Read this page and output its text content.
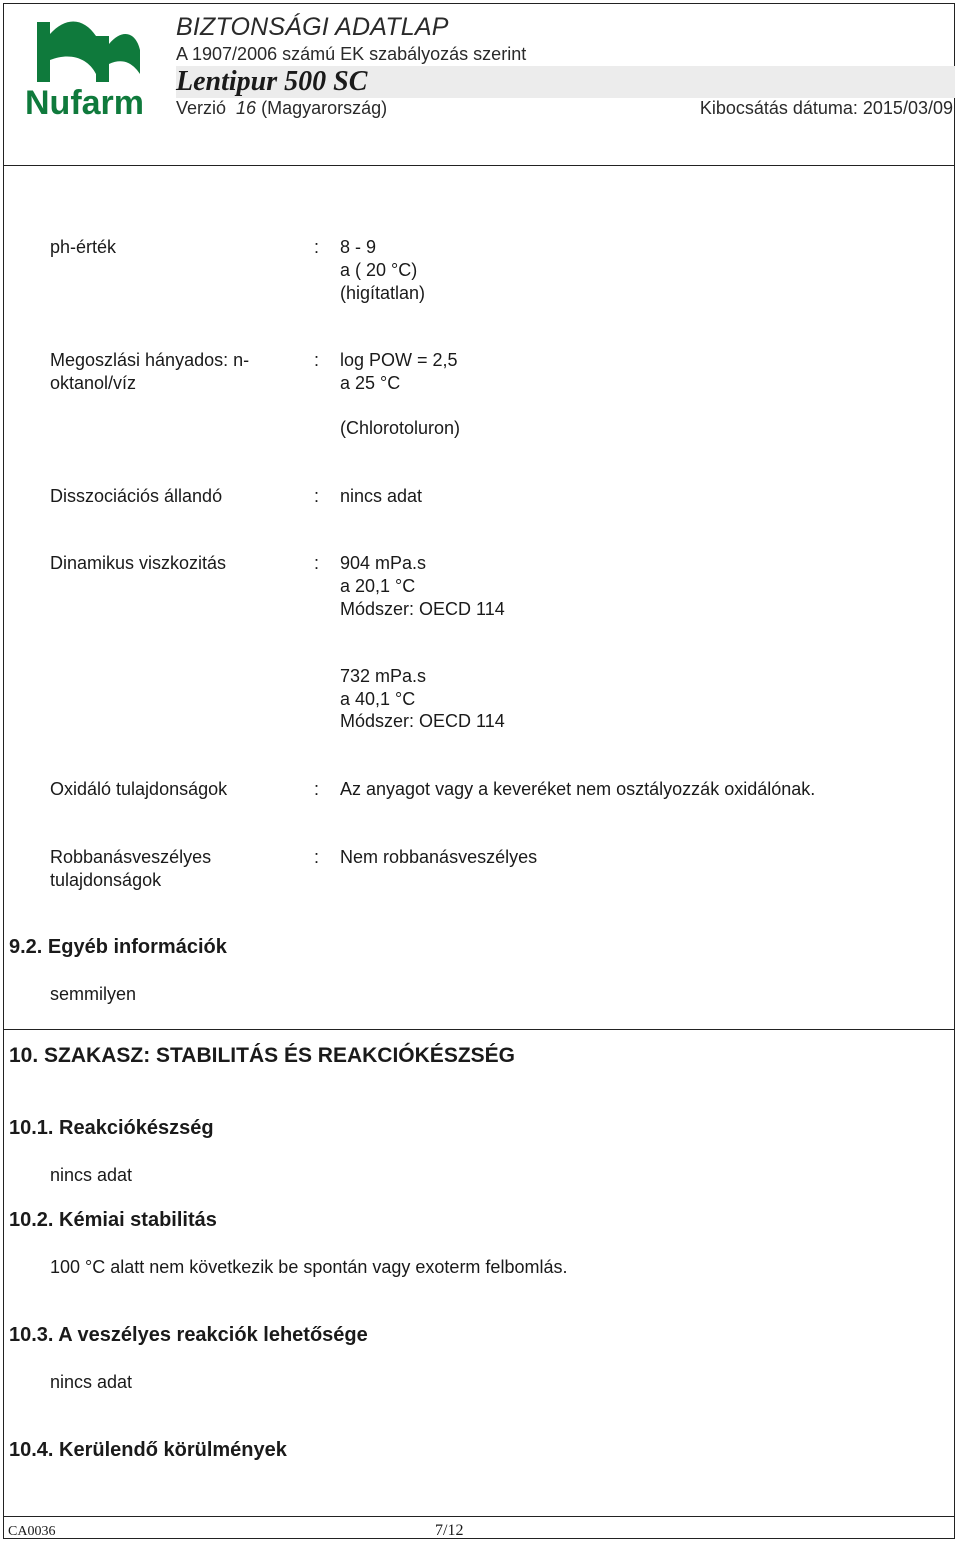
Nufarm
BIZTONSÁGI ADATLAP
A 1907/2006 számú EK szabályozás szerint
Lentipur 500 SC
Verzió 16 (Magyarország)	Kibocsátás dátuma: 2015/03/09
ph-érték	: 8 - 9
a ( 20 °C)
(higítatlan)
Megoszlási hányados: n-
oktanol/víz
: log POW = 2,5
a 25 °C
(Chlorotoluron)
Disszociációs állandó	: nincs adat
Dinamikus viszkozitás	: 904 mPa.s
a 20,1 °C
Módszer: OECD 114
732 mPa.s
a 40,1 °C
Módszer: OECD 114
Oxidáló tulajdonságok	: Az anyagot vagy a keveréket nem osztályozzák oxidálónak.
Robbanásveszélyes
tulajdonságok
: Nem robbanásveszélyes
9.2. Egyéb információk
semmilyen
10. SZAKASZ: STABILITÁS ÉS REAKCIÓKÉSZSÉG
10.1. Reakciókészség
nincs adat
10.2. Kémiai stabilitás
100 °C alatt nem következik be spontán vagy exoterm felbomlás.
10.3. A veszélyes reakciók lehetősége
nincs adat
10.4. Kerülendő körülmények
CA0036	7/12
